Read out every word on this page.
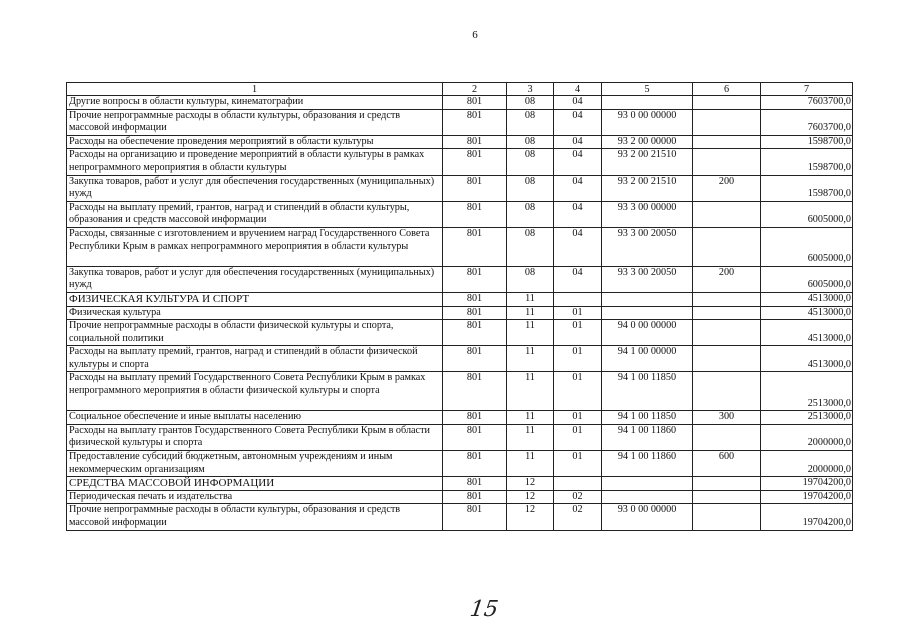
6
1	2	3	4	5	6	7
Другие вопросы в области культуры, кинематографии	801	08	04			7603700,0
Прочие непрограммные расходы в области культуры, образования и средств массовой информации	801	08	04	93 0 00 00000		7603700,0
Расходы на обеспечение проведения мероприятий в области культуры	801	08	04	93 2 00 00000		1598700,0
Расходы на организацию и проведение мероприятий в области культуры в рамках непрограммного мероприятия в области культуры	801	08	04	93 2 00 21510		1598700,0
Закупка товаров, работ и услуг для обеспечения государственных (муниципальных) нужд	801	08	04	93 2 00 21510	200	1598700,0
Расходы на выплату премий, грантов, наград и стипендий в области культуры, образования и средств массовой информации	801	08	04	93 3 00 00000		6005000,0
Расходы, связанные с изготовлением и вручением наград Государственного Совета Республики Крым в рамках непрограммного мероприятия в области культуры	801	08	04	93 3 00 20050		6005000,0
Закупка товаров, работ и услуг для обеспечения государственных (муниципальных) нужд	801	08	04	93 3 00 20050	200	6005000,0
ФИЗИЧЕСКАЯ КУЛЬТУРА И СПОРТ	801	11				4513000,0
Физическая культура	801	11	01			4513000,0
Прочие непрограммные расходы в области физической культуры и спорта, социальной политики	801	11	01	94 0 00 00000		4513000,0
Расходы на выплату премий, грантов, наград и стипендий в области физической культуры и спорта	801	11	01	94 1 00 00000		4513000,0
Расходы на выплату премий Государственного Совета Республики Крым в рамках непрограммного мероприятия в области физической культуры и спорта	801	11	01	94 1 00 11850		2513000,0
Социальное обеспечение и иные выплаты населению	801	11	01	94 1 00 11850	300	2513000,0
Расходы на выплату грантов Государственного Совета Республики Крым в области физической культуры и спорта	801	11	01	94 1 00 11860		2000000,0
Предоставление субсидий бюджетным, автономным учреждениям и иным некоммерческим организациям	801	11	01	94 1 00 11860	600	2000000,0
СРЕДСТВА МАССОВОЙ ИНФОРМАЦИИ	801	12				19704200,0
Периодическая печать и издательства	801	12	02			19704200,0
Прочие непрограммные расходы в области культуры, образования и средств массовой информации	801	12	02	93 0 00 00000		19704200,0
15
